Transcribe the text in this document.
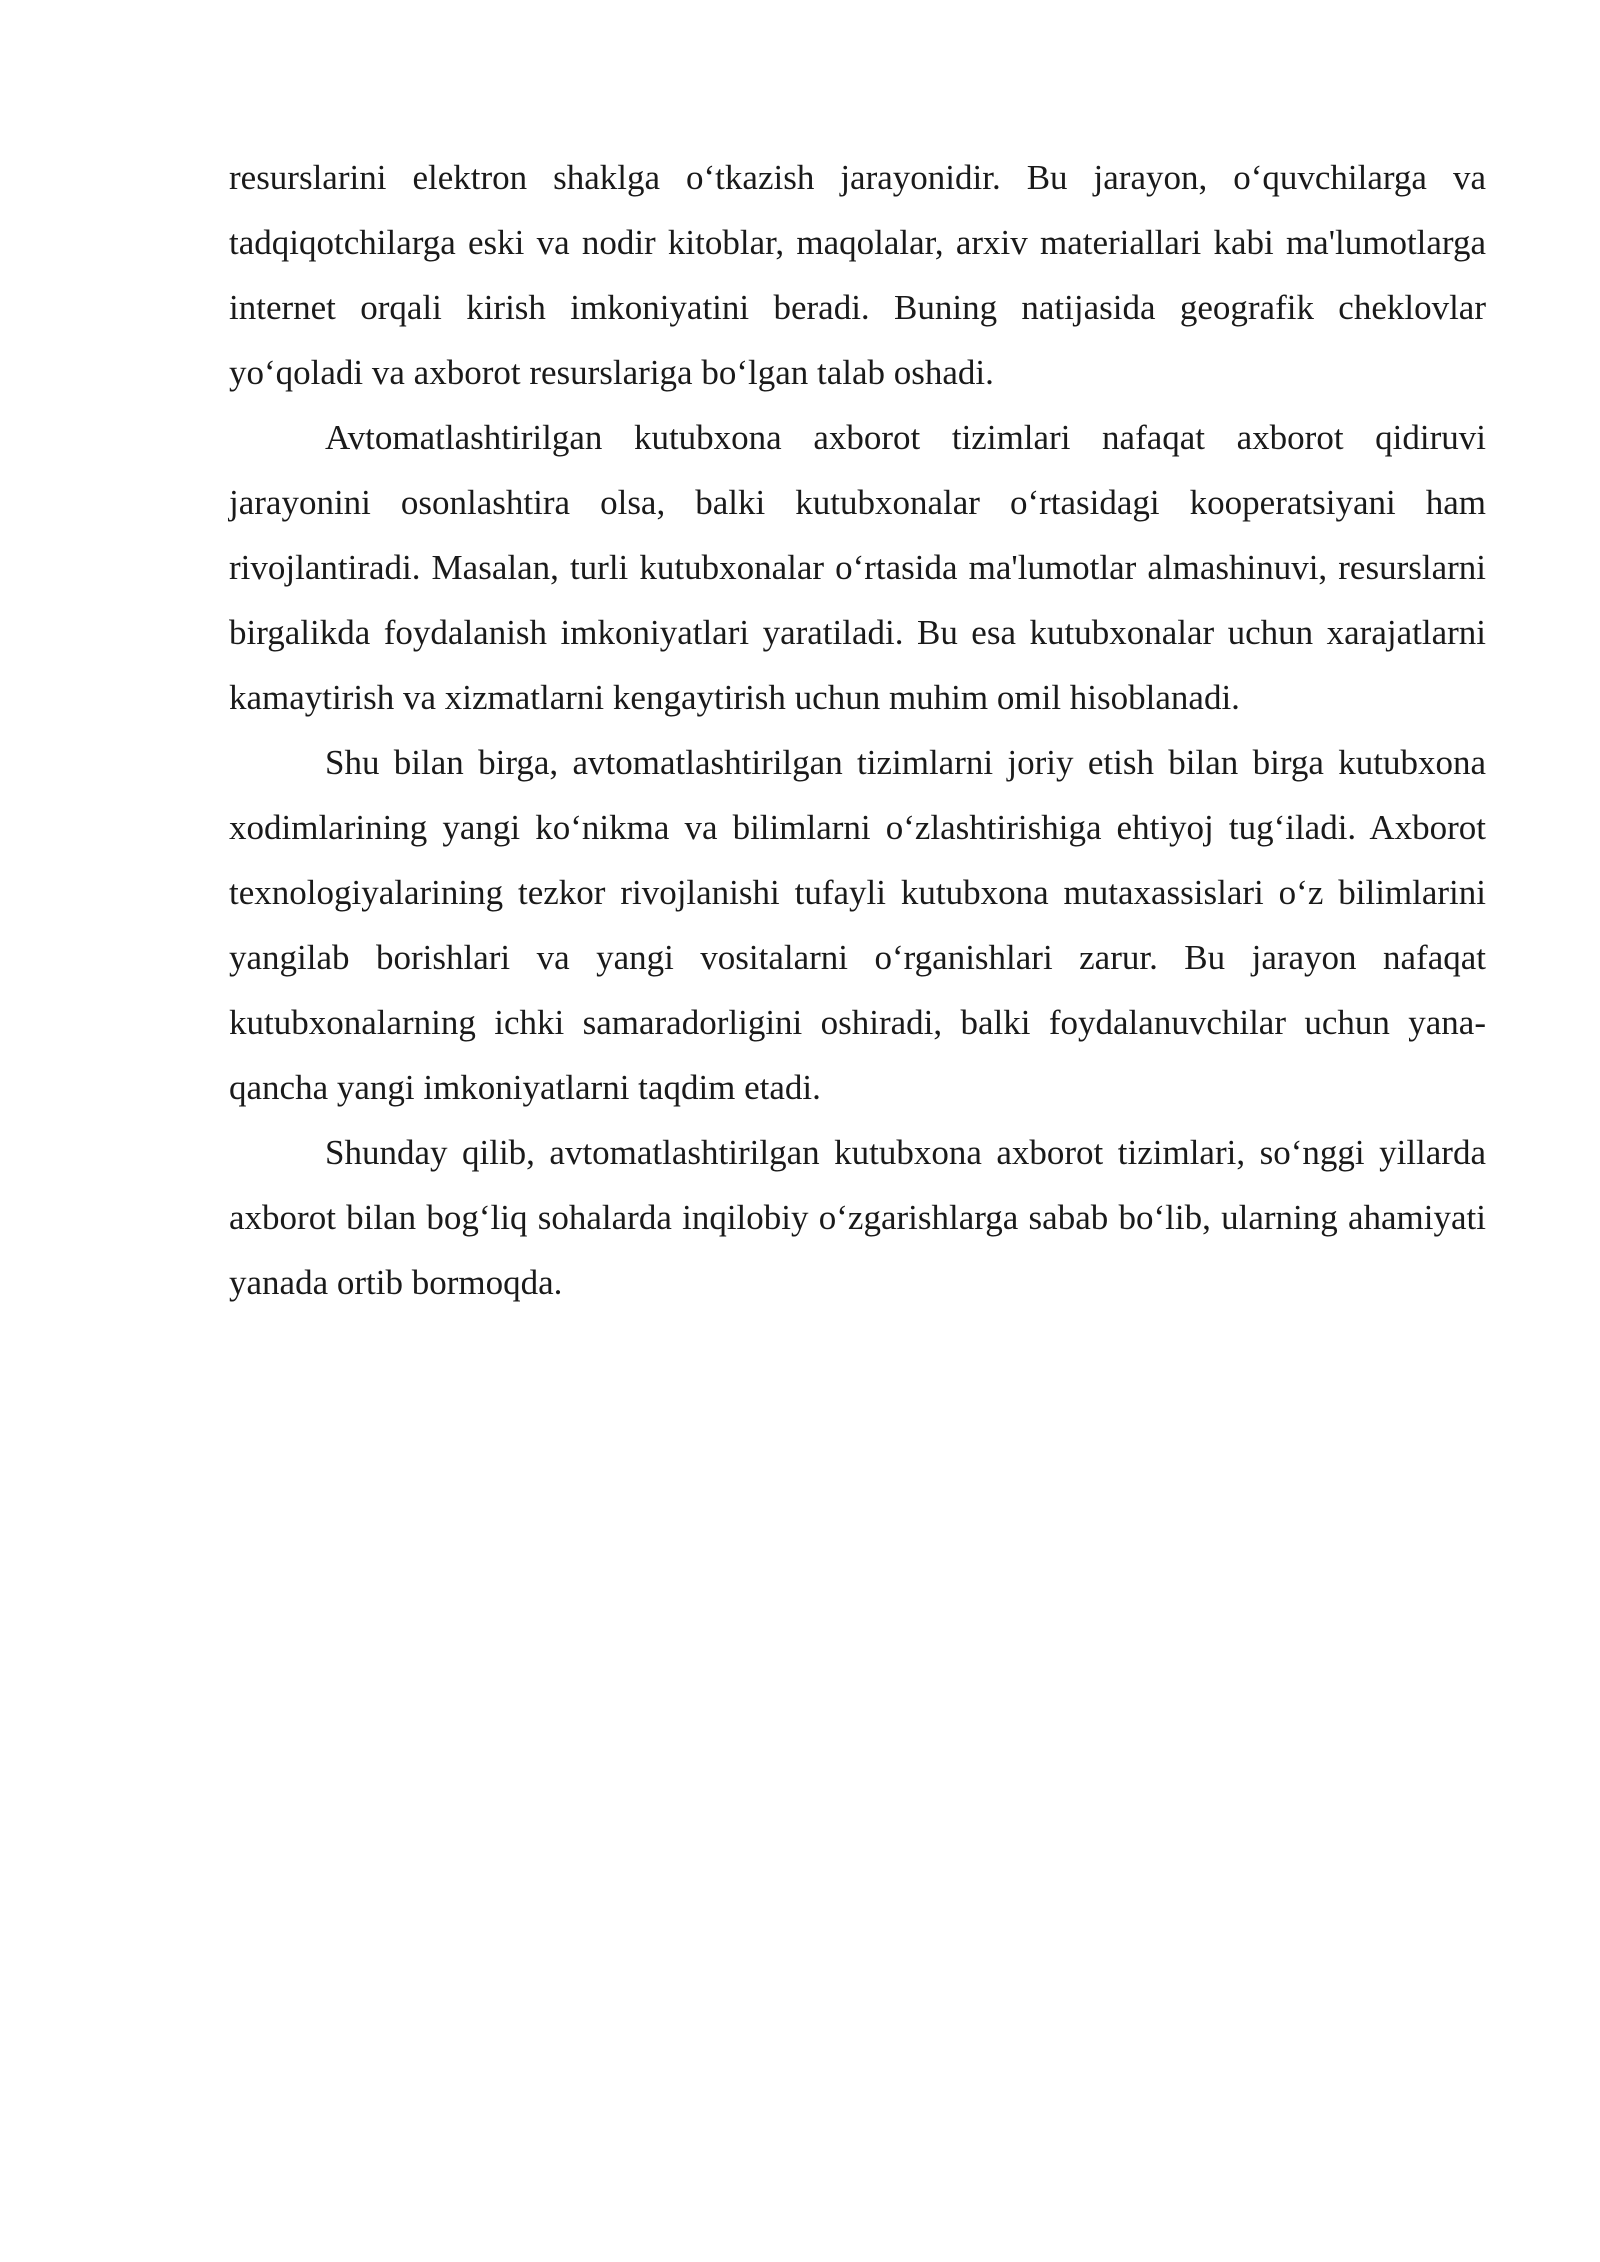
resurslarini elektron shaklga o‘tkazish jarayonidir. Bu jarayon, o‘quvchilarga va tadqiqotchilarga eski va nodir kitoblar, maqolalar, arxiv materiallari kabi ma'lumotlarga internet orqali kirish imkoniyatini beradi. Buning natijasida geografik cheklovlar yo‘qoladi va axborot resurslariga bo‘lgan talab oshadi.

Avtomatlashtirilgan kutubxona axborot tizimlari nafaqat axborot qidiruvi jarayonini osonlashtira olsa, balki kutubxonalar o‘rtasidagi kooperatsiyani ham rivojlantiradi. Masalan, turli kutubxonalar o‘rtasida ma'lumotlar almashinuvi, resurslarni birgalikda foydalanish imkoniyatlari yaratiladi. Bu esa kutubxonalar uchun xarajatlarni kamaytirish va xizmatlarni kengaytirish uchun muhim omil hisoblanadi.

Shu bilan birga, avtomatlashtirilgan tizimlarni joriy etish bilan birga kutubxona xodimlarining yangi ko‘nikma va bilimlarni o‘zlashtirishiga ehtiyoj tug‘iladi. Axborot texnologiyalarining tezkor rivojlanishi tufayli kutubxona mutaxassislari o‘z bilimlarini yangilab borishlari va yangi vositalarni o‘rganishlari zarur. Bu jarayon nafaqat kutubxonalarning ichki samaradorligini oshiradi, balki foydalanuvchilar uchun yana-qancha yangi imkoniyatlarni taqdim etadi.

Shunday qilib, avtomatlashtirilgan kutubxona axborot tizimlari, so‘nggi yillarda axborot bilan bog‘liq sohalarda inqilobiy o‘zgarishlarga sabab bo‘lib, ularning ahamiyati yanada ortib bormoqda.
